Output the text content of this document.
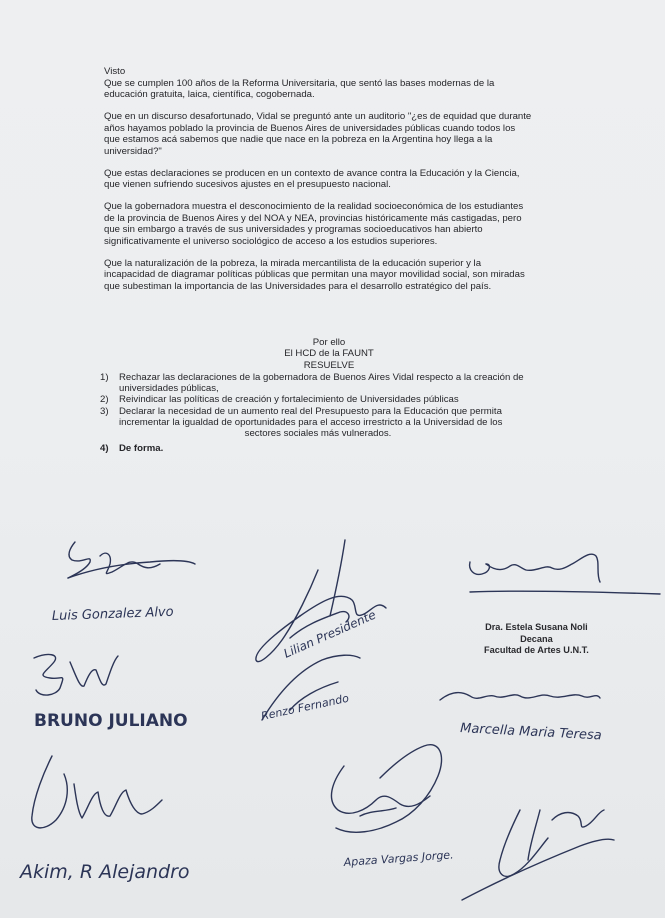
Visto

Que se cumplen 100 años de la Reforma Universitaria, que sentó las bases modernas de la
educación gratuita, laica, científica, cogobernada.

Que en un discurso desafortunado, Vidal se preguntó ante un auditorio "¿es de equidad que durante
años hayamos poblado la provincia de Buenos Aires de universidades públicas cuando todos los
que estamos acá sabemos que nadie que nace en la pobreza en la Argentina hoy llega a la
universidad?"

Que estas declaraciones se producen en un contexto de avance contra la Educación y la Ciencia,
que vienen sufriendo sucesivos ajustes en el presupuesto nacional.

Que la gobernadora muestra el desconocimiento de la realidad socioeconómica de los estudiantes
de la provincia de Buenos Aires y del NOA y NEA, provincias históricamente más castigadas, pero
que sin embargo a través de sus universidades y programas socioeducativos han abierto
significativamente el universo sociológico de acceso a los estudios superiores.

Que la naturalización de la pobreza, la mirada mercantilista de la educación superior y la
incapacidad de diagramar políticas públicas que permitan una mayor movilidad social, son miradas
que subestiman la importancia de las Universidades para el desarrollo estratégico del país.

Por ello
El HCD de la FAUNT
RESUELVE
1) Rechazar las declaraciones de la gobernadora de Buenos Aires Vidal respecto a la creación de
universidades públicas,
2) Reivindicar las políticas de creación y fortalecimiento de Universidades públicas
3) Declarar la necesidad de un aumento real del Presupuesto para la Educación que permita
incrementar la igualdad de oportunidades para el acceso irrestricto a la Universidad de los
sectores sociales más vulnerados.
4) De forma.
Luis Gonzalez Alvo	Lilian Presidente
Renzo Fernando
BRUNO JULIANO
Marcella Maria Teresa
Akim, R Alejandro
Apaza Vargas Jorge.
Dra. Estela Susana Noli
Decana
Facultad de Artes U.N.T.
